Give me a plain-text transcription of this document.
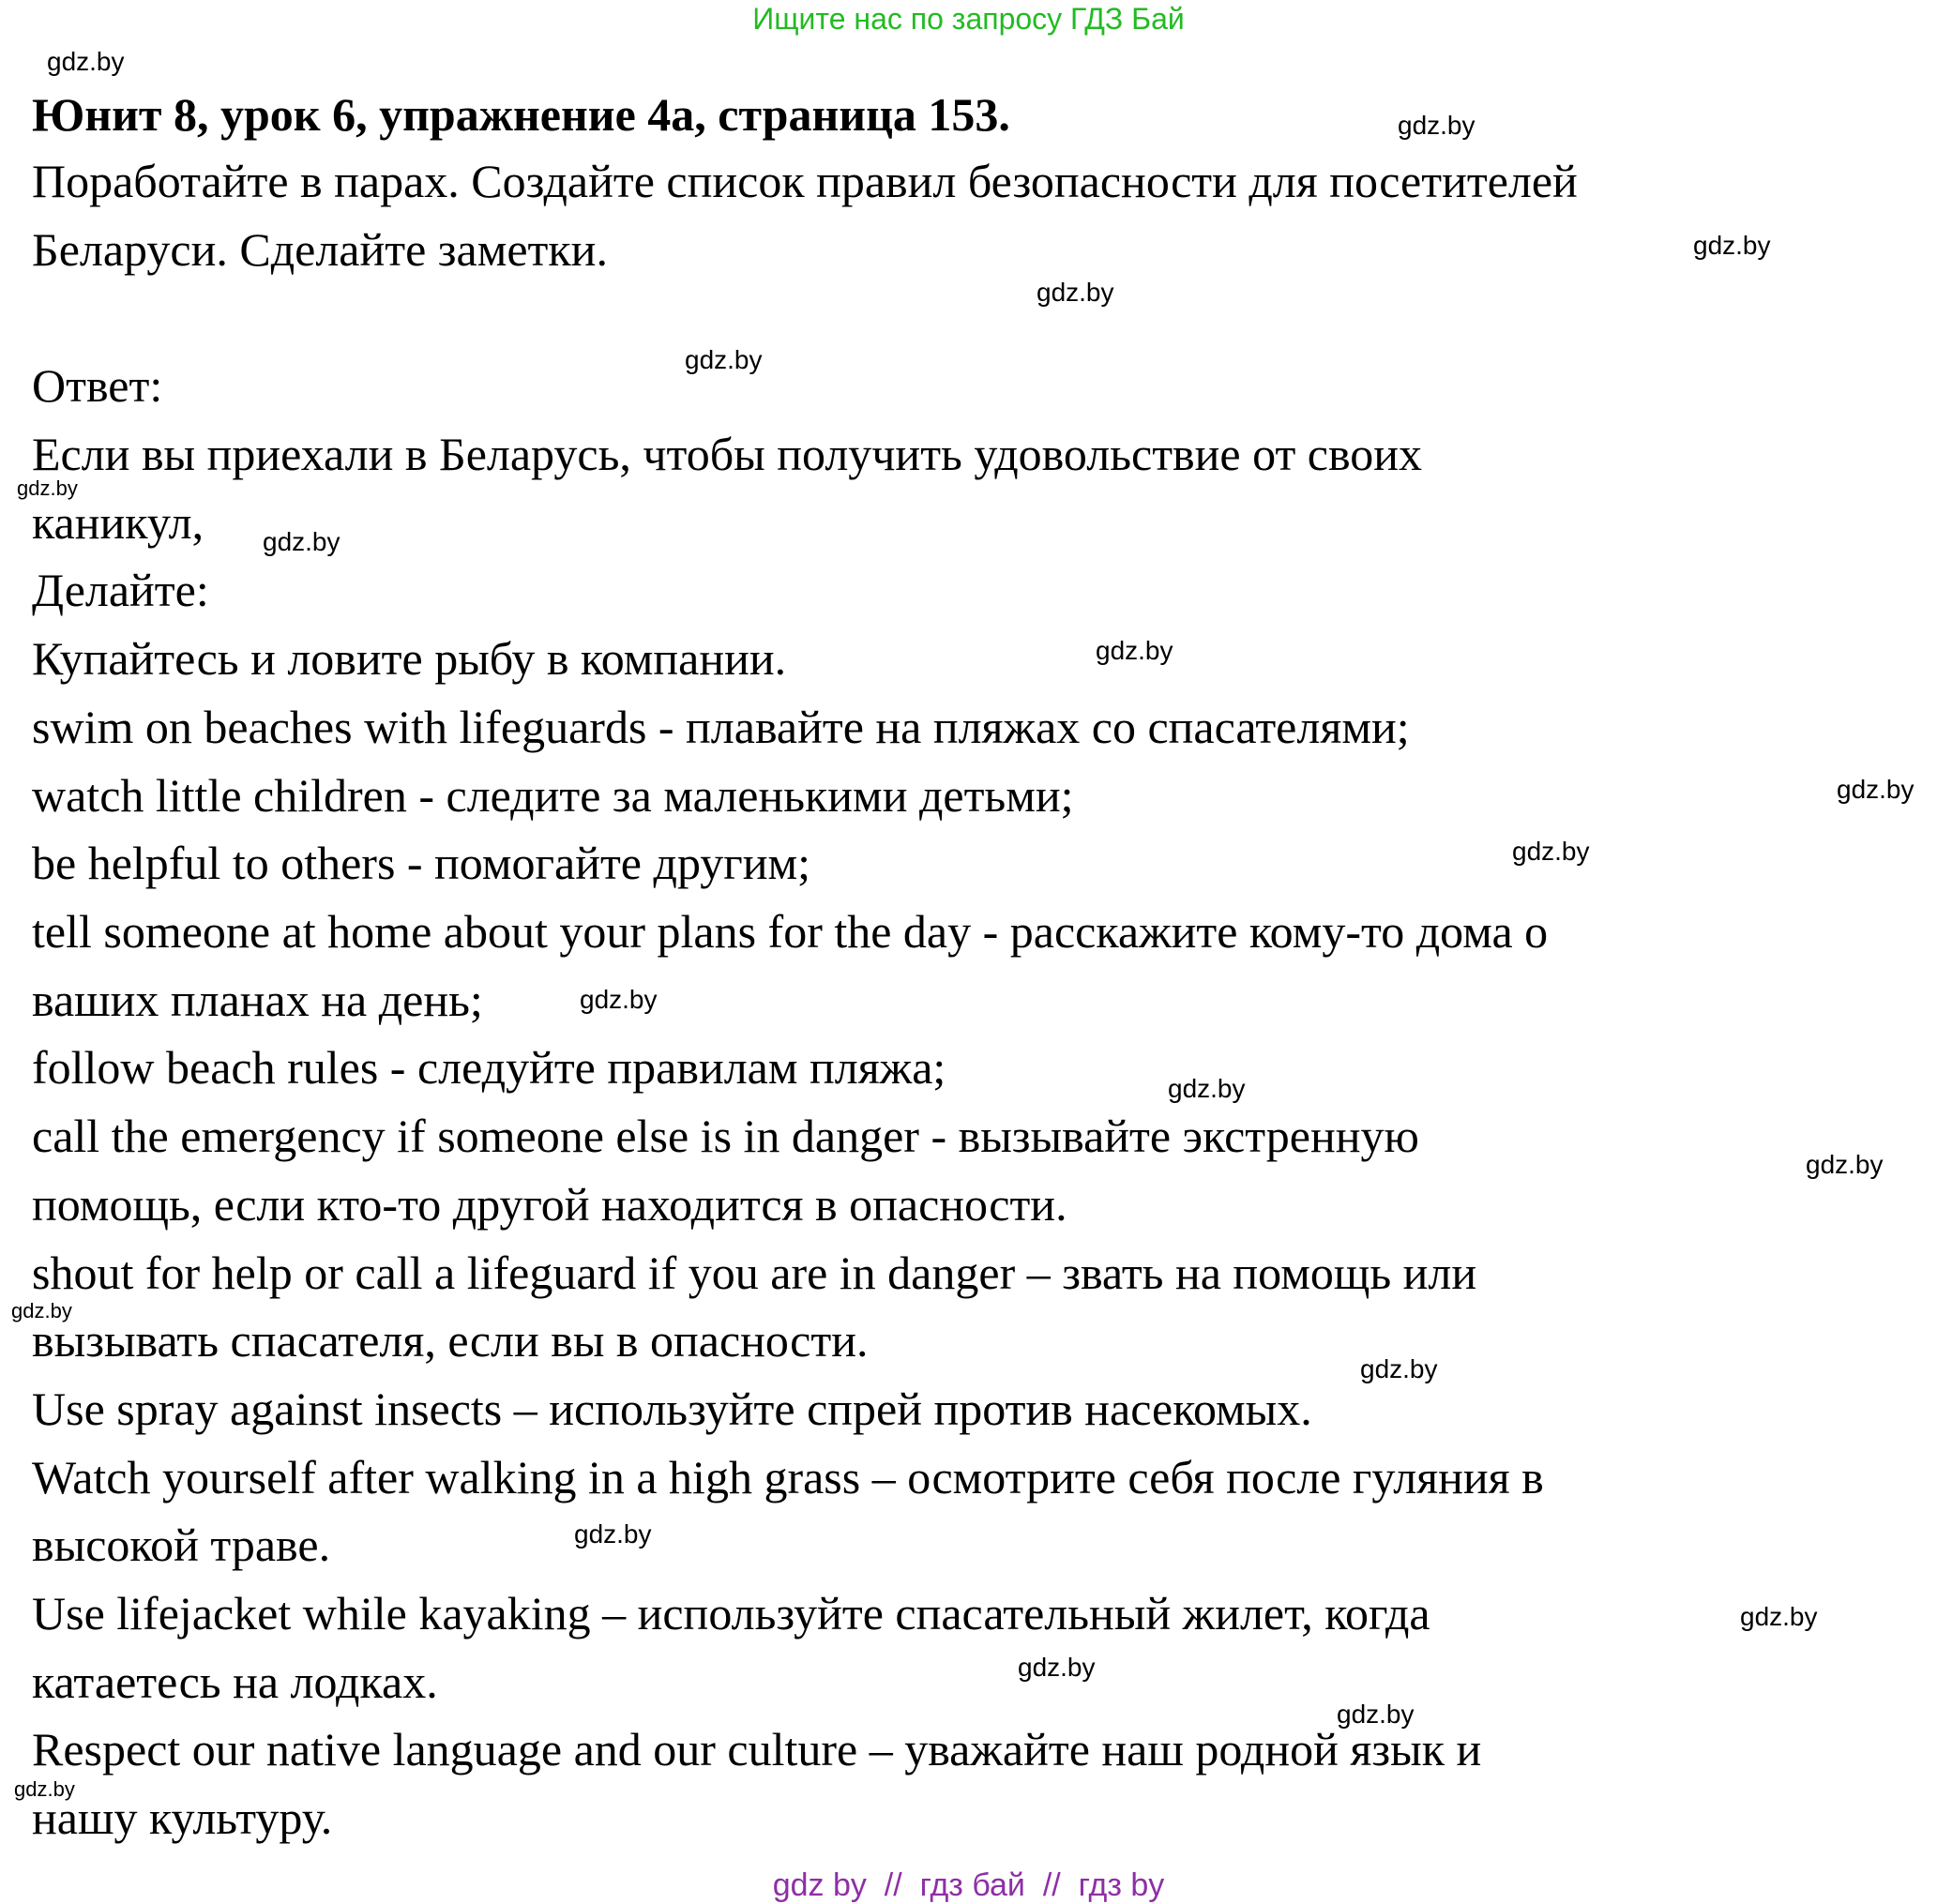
Ищите нас по запросу ГДЗ Бай
Юнит 8, урок 6, упражнение 4а, страница 153.
Поработайте в парах. Создайте список правил безопасности для посетителей
Беларуси. Сделайте заметки.
Ответ:
Если вы приехали в Беларусь, чтобы получить удовольствие от своих
каникул,
Делайте:
Купайтесь и ловите рыбу в компании.
swim on beaches with lifeguards - плавайте на пляжах со спасателями;
watch little children - следите за маленькими детьми;
be helpful to others - помогайте другим;
tell someone at home about your plans for the day - расскажите кому-то дома о
ваших планах на день;
follow beach rules - следуйте правилам пляжа;
call the emergency if someone else is in danger - вызывайте экстренную
помощь, если кто-то другой находится в опасности.
shout for help or call a lifeguard if you are in danger – звать на помощь или
вызывать спасателя, если вы в опасности.
Use spray against insects – используйте спрей против насекомых.
Watch yourself after walking in a high grass – осмотрите себя после гуляния в
высокой траве.
Use lifejacket while kayaking – используйте спасательный жилет, когда
катаетесь на лодках.
Respect our native language and our culture – уважайте наш родной язык и
нашу культуру.
gdz.by
gdz.by
gdz.by
gdz.by
gdz.by
gdz.by
gdz.by
gdz.by
gdz.by
gdz.by
gdz.by
gdz.by
gdz.by
gdz.by
gdz.by
gdz.by
gdz.by
gdz.by
gdz.by
gdz.by
gdz by  //  гдз бай  //  гдз by
